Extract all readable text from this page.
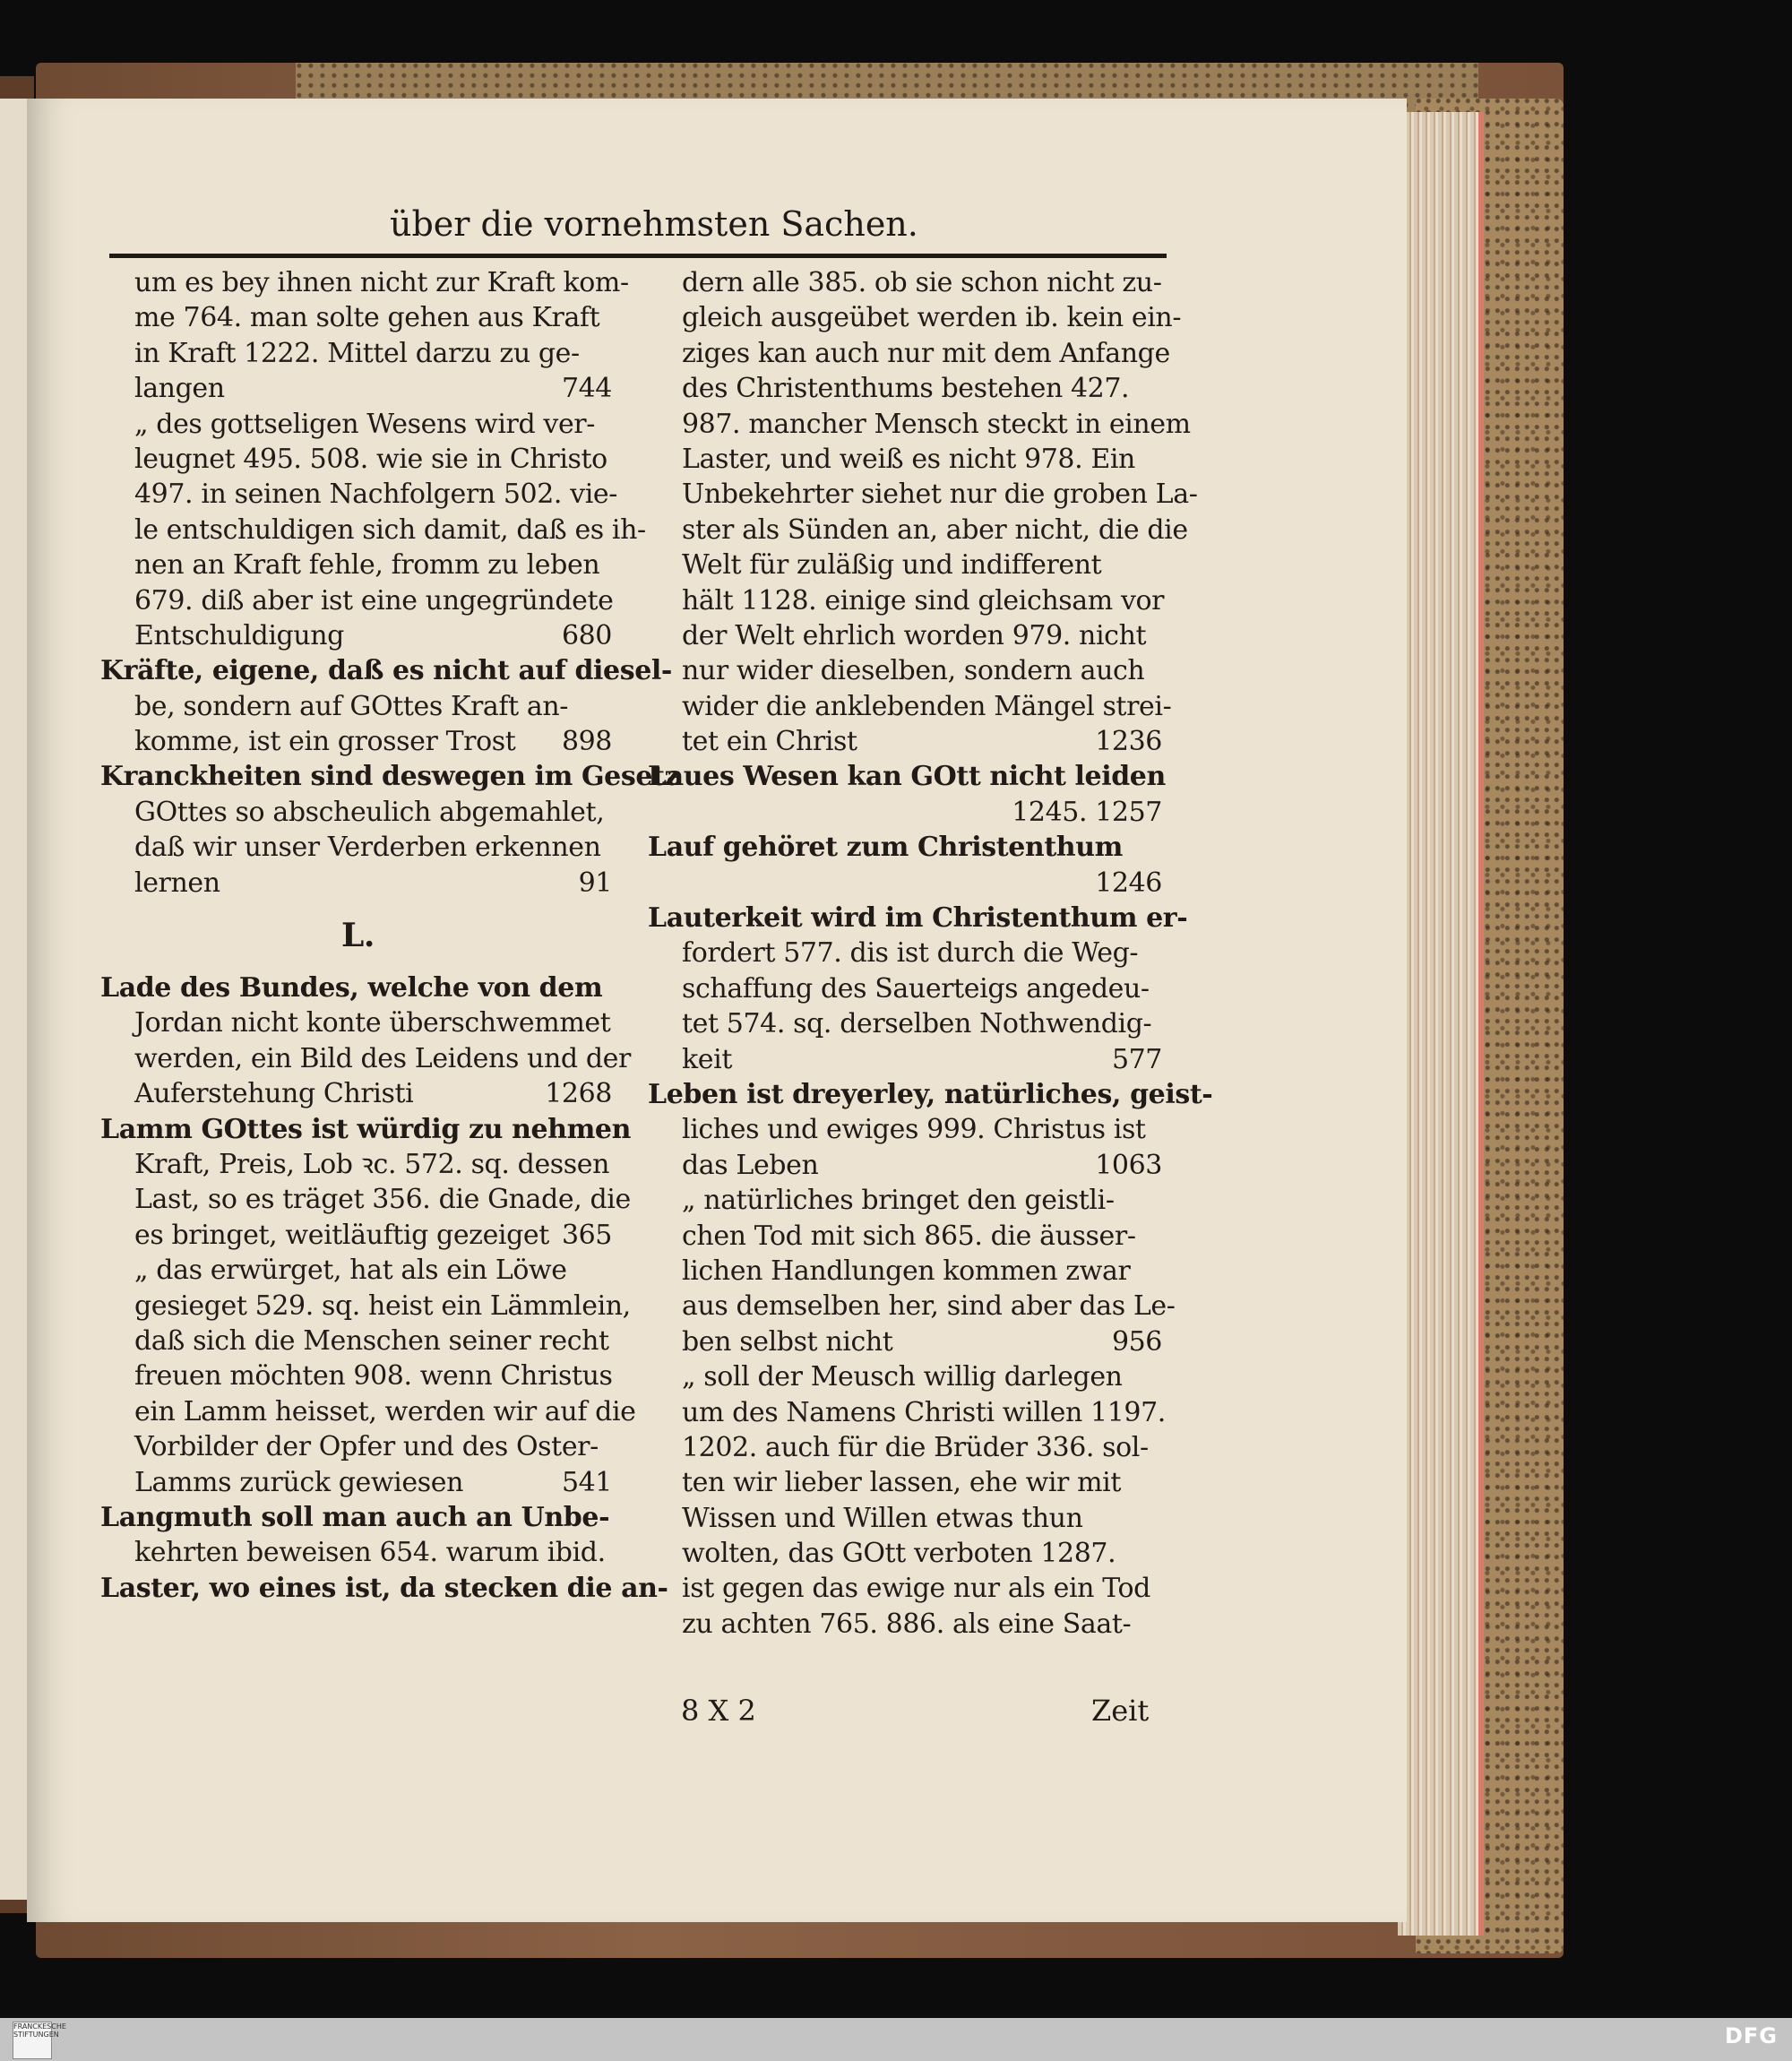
über die vornehmsten Sachen.
um es bey ihnen nicht zur Kraft kom-
me 764. man solte gehen aus Kraft
in Kraft 1222. Mittel darzu zu ge-
langen	744
„ des gottseligen Wesens wird ver-
leugnet 495. 508. wie sie in Christo
497. in seinen Nachfolgern 502. vie-
le entschuldigen sich damit, daß es ih-
nen an Kraft fehle, fromm zu leben
679. diß aber ist eine ungegründete
Entschuldigung	680
Kräfte, eigene, daß es nicht auf diesel-
be, sondern auf GOttes Kraft an-
komme, ist ein grosser Trost 898
Kranckheiten sind deswegen im Gesetz
GOttes so abscheulich abgemahlet,
daß wir unser Verderben erkennen
lernen	91
L.
Lade des Bundes, welche von dem
Jordan nicht konte überschwemmet
werden, ein Bild des Leidens und der
Auferstehung Christi	1268
Lamm GOttes ist würdig zu nehmen
Kraft, Preis, Lob ꝛc. 572. sq. dessen
Last, so es träget 356. die Gnade, die
es bringet, weitläuftig gezeiget 365
„ das erwürget, hat als ein Löwe
gesieget 529. sq. heist ein Lämmlein,
daß sich die Menschen seiner recht
freuen möchten 908. wenn Christus
ein Lamm heisset, werden wir auf die
Vorbilder der Opfer und des Oster-
Lamms zurück gewiesen	541
Langmuth soll man auch an Unbe-
kehrten beweisen 654. warum ibid.
Laster, wo eines ist, da stecken die an-
dern alle 385. ob sie schon nicht zu-
gleich ausgeübet werden ib. kein ein-
ziges kan auch nur mit dem Anfange
des Christenthums bestehen 427.
987. mancher Mensch steckt in einem
Laster, und weiß es nicht 978. Ein
Unbekehrter siehet nur die groben La-
ster als Sünden an, aber nicht, die die
Welt für zuläßig und indifferent
hält 1128. einige sind gleichsam vor
der Welt ehrlich worden 979. nicht
nur wider dieselben, sondern auch
wider die anklebenden Mängel strei-
tet ein Christ	1236
Laues Wesen kan GOtt nicht leiden
1245. 1257
Lauf gehöret zum Christenthum
1246
Lauterkeit wird im Christenthum er-
fordert 577. dis ist durch die Weg-
schaffung des Sauerteigs angedeu-
tet 574. sq. derselben Nothwendig-
keit	577
Leben ist dreyerley, natürliches, geist-
liches und ewiges 999. Christus ist
das Leben	1063
„ natürliches bringet den geistli-
chen Tod mit sich 865. die äusser-
lichen Handlungen kommen zwar
aus demselben her, sind aber das Le-
ben selbst nicht	956
„ soll der Meusch willig darlegen
um des Namens Christi willen 1197.
1202. auch für die Brüder 336. sol-
ten wir lieber lassen, ehe wir mit
Wissen und Willen etwas thun
wolten, das GOtt verboten 1287.
ist gegen das ewige nur als ein Tod
zu achten 765. 886. als eine Saat-
8 X 2	Zeit
FRANCKESCHE STIFTUNGEN	DFG
